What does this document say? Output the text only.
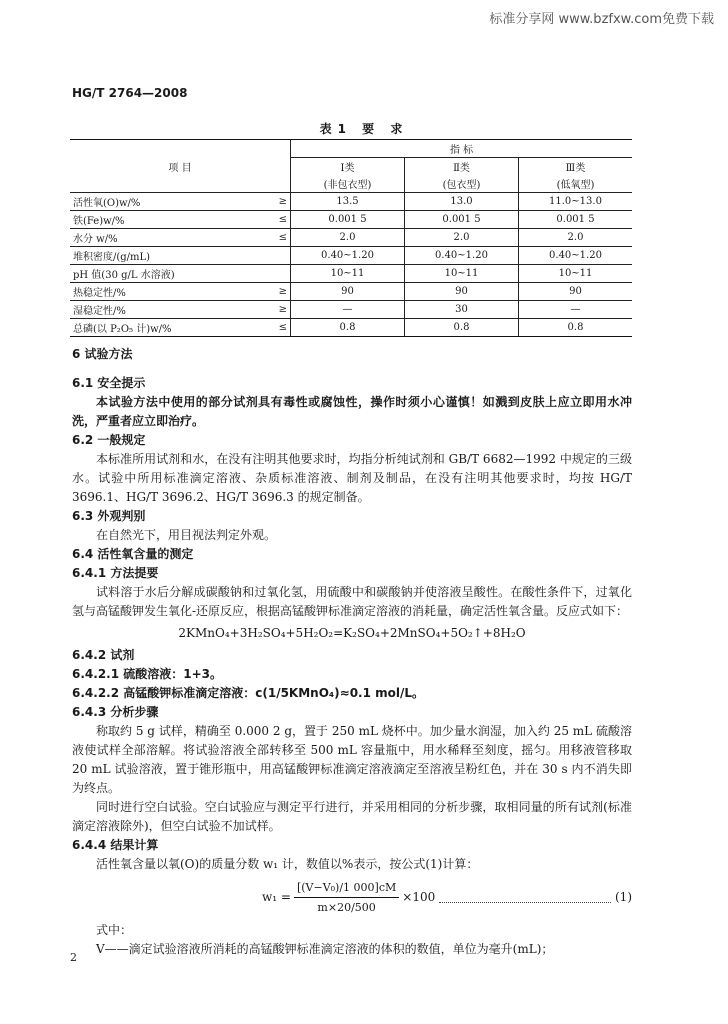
标准分享网 www.bzfxw.com免费下载
HG/T 2764—2008
表1 要 求
		指 标		
项 目		Ⅰ类	Ⅱ类	Ⅲ类
		(非包衣型)	(包衣型)	(低氧型)
活性氧(O)w/%	≥	13.5	13.0	11.0~13.0
铁(Fe)w/%	≤	0.001 5	0.001 5	0.001 5
水分 w/%	≤	2.0	2.0	2.0
堆积密度/(g/mL)		0.40~1.20	0.40~1.20	0.40~1.20
pH 值(30 g/L 水溶液)		10~11	10~11	10~11
热稳定性/%	≥	90	90	90
湿稳定性/%	≥	—	30	—
总磷(以 P₂O₅ 计)w/%	≤	0.8	0.8	0.8

6 试验方法

6.1 安全提示

本试验方法中使用的部分试剂具有毒性或腐蚀性，操作时须小心谨慎！如溅到皮肤上应立即用水冲洗，严重者应立即治疗。

6.2 一般规定

本标准所用试剂和水，在没有注明其他要求时，均指分析纯试剂和 GB/T 6682—1992 中规定的三级水。试验中所用标准滴定溶液、杂质标准溶液、制剂及制品，在没有注明其他要求时，均按 HG/T 3696.1、HG/T 3696.2、HG/T 3696.3 的规定制备。

6.3 外观判别

在自然光下，用目视法判定外观。

6.4 活性氧含量的测定

6.4.1 方法提要

试料溶于水后分解成碳酸钠和过氧化氢，用硫酸中和碳酸钠并使溶液呈酸性。在酸性条件下，过氧化氢与高锰酸钾发生氧化-还原反应，根据高锰酸钾标准滴定溶液的消耗量，确定活性氧含量。反应式如下：

2KMnO₄+3H₂SO₄+5H₂O₂=K₂SO₄+2MnSO₄+5O₂↑+8H₂O

6.4.2 试剂

6.4.2.1 硫酸溶液：1+3。

6.4.2.2 高锰酸钾标准滴定溶液：c(1/5KMnO₄)≈0.1 mol/L。

6.4.3 分析步骤

称取约 5 g 试样，精确至 0.000 2 g，置于 250 mL 烧杯中。加少量水润湿，加入约 25 mL 硫酸溶液使试样全部溶解。将试验溶液全部转移至 500 mL 容量瓶中，用水稀释至刻度，摇匀。用移液管移取 20 mL 试验溶液，置于锥形瓶中，用高锰酸钾标准滴定溶液滴定至溶液呈粉红色，并在 30 s 内不消失即为终点。

同时进行空白试验。空白试验应与测定平行进行，并采用相同的分析步骤，取相同量的所有试剂(标准滴定溶液除外)，但空白试验不加试样。

6.4.4 结果计算

活性氧含量以氧(O)的质量分数 w₁ 计，数值以%表示，按公式(1)计算：

$w_1 = \frac{\text{[(V−V₀)/1 000]cM}}{m\times 20/500} \times 100$	(1)

式中：

V——滴定试验溶液所消耗的高锰酸钾标准滴定溶液的体积的数值，单位为毫升(mL)；

2
